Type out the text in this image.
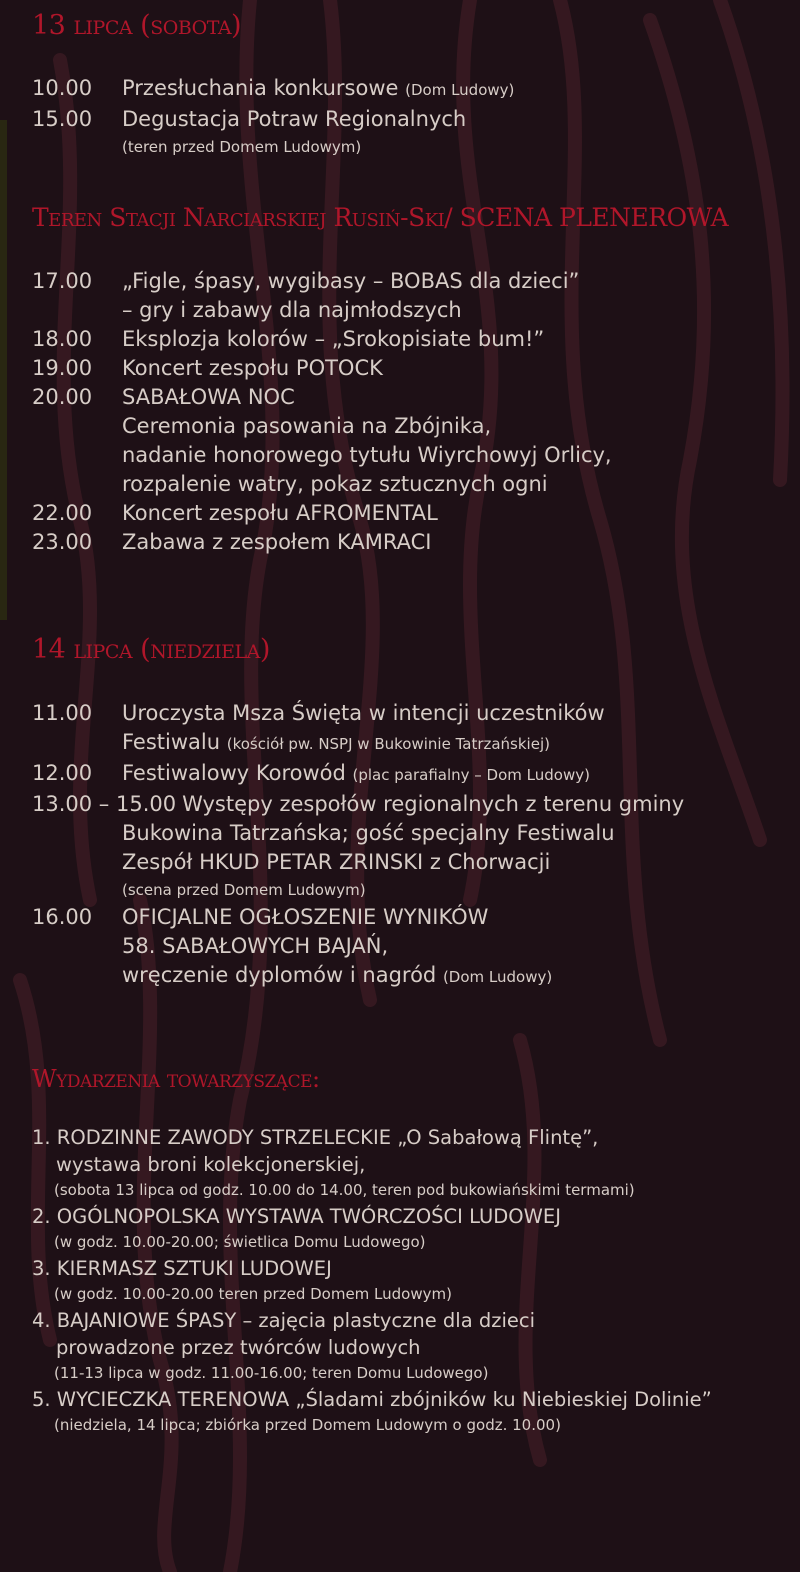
13 lipca (sobota)
10.00	Przesłuchania konkursowe (Dom Ludowy)
15.00	Degustacja Potraw Regionalnych
(teren przed Domem Ludowym)
Teren Stacji Narciarskiej Rusiń-Ski/ SCENA PLENEROWA
17.00	„Figle, śpasy, wygibasy – BOBAS dla dzieci”
– gry i zabawy dla najmłodszych
18.00	Eksplozja kolorów – „Srokopisiate bum!”
19.00	Koncert zespołu POTOCK
20.00	SABAŁOWA NOC
Ceremonia pasowania na Zbójnika,
nadanie honorowego tytułu Wiyrchowyj Orlicy,
rozpalenie watry, pokaz sztucznych ogni
22.00	Koncert zespołu AFROMENTAL
23.00	Zabawa z zespołem KAMRACI
14 lipca (niedziela)
11.00	Uroczysta Msza Święta w intencji uczestników
Festiwalu (kościół pw. NSPJ w Bukowinie Tatrzańskiej)
12.00	Festiwalowy Korowód (plac parafialny – Dom Ludowy)
13.00 – 15.00 Występy zespołów regionalnych z terenu gminy
Bukowina Tatrzańska; gość specjalny Festiwalu
Zespół HKUD PETAR ZRINSKI z Chorwacji
(scena przed Domem Ludowym)
16.00	OFICJALNE OGŁOSZENIE WYNIKÓW
58. SABAŁOWYCH BAJAŃ,
wręczenie dyplomów i nagród (Dom Ludowy)
Wydarzenia towarzyszące:
1. RODZINNE ZAWODY STRZELECKIE „O Sabałową Flintę”,
wystawa broni kolekcjonerskiej,
(sobota 13 lipca od godz. 10.00 do 14.00, teren pod bukowiańskimi termami)
2. OGÓLNOPOLSKA WYSTAWA TWÓRCZOŚCI LUDOWEJ
(w godz. 10.00-20.00; świetlica Domu Ludowego)
3. KIERMASZ SZTUKI LUDOWEJ
(w godz. 10.00-20.00 teren przed Domem Ludowym)
4. BAJANIOWE ŚPASY – zajęcia plastyczne dla dzieci
prowadzone przez twórców ludowych
(11-13 lipca w godz. 11.00-16.00; teren Domu Ludowego)
5. WYCIECZKA TERENOWA „Śladami zbójników ku Niebieskiej Dolinie”
(niedziela, 14 lipca; zbiórka przed Domem Ludowym o godz. 10.00)
